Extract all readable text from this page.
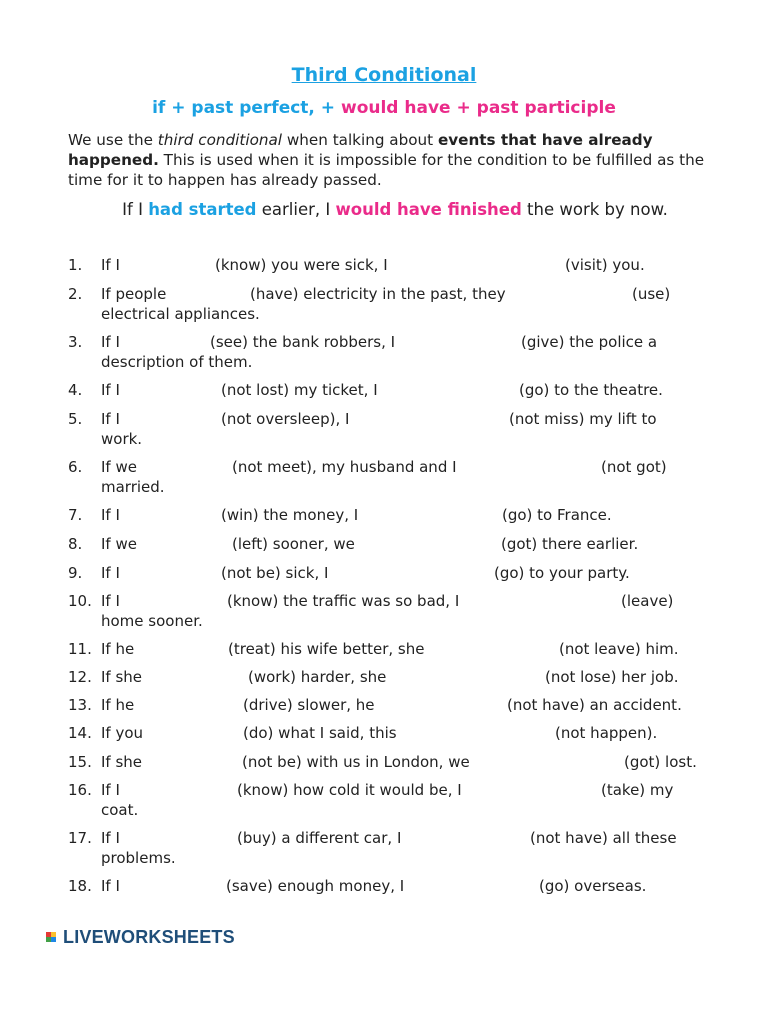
Third Conditional
if + past perfect, + would have + past participle
We use the third conditional when talking about events that have already happened. This is used when it is impossible for the condition to be fulfilled as the time for it to happen has already passed.
If I had started earlier, I would have finished the work by now.
1. If I	(know) you were sick, I	(visit) you.
2. If people	(have) electricity in the past, they	(use)
electrical appliances.
3. If I	(see) the bank robbers, I	(give) the police a
description of them.
4. If I	(not lost) my ticket, I	(go) to the theatre.
5. If I	(not oversleep), I	(not miss) my lift to
work.
6. If we	(not meet), my husband and I	(not got)
married.
7. If I	(win) the money, I	(go) to France.
8. If we	(left) sooner, we	(got) there earlier.
9. If I	(not be) sick, I	(go) to your party.
10. If I	(know) the traffic was so bad, I	(leave)
home sooner.
11. If he	(treat) his wife better, she	(not leave) him.
12. If she	(work) harder, she	(not lose) her job.
13. If he	(drive) slower, he	(not have) an accident.
14. If you	(do) what I said, this	(not happen).
15. If she	(not be) with us in London, we	(got) lost.
16. If I	(know) how cold it would be, I	(take) my
coat.
17. If I	(buy) a different car, I	(not have) all these
problems.
18. If I	(save) enough money, I	(go) overseas.
LIVEWORKSHEETS
